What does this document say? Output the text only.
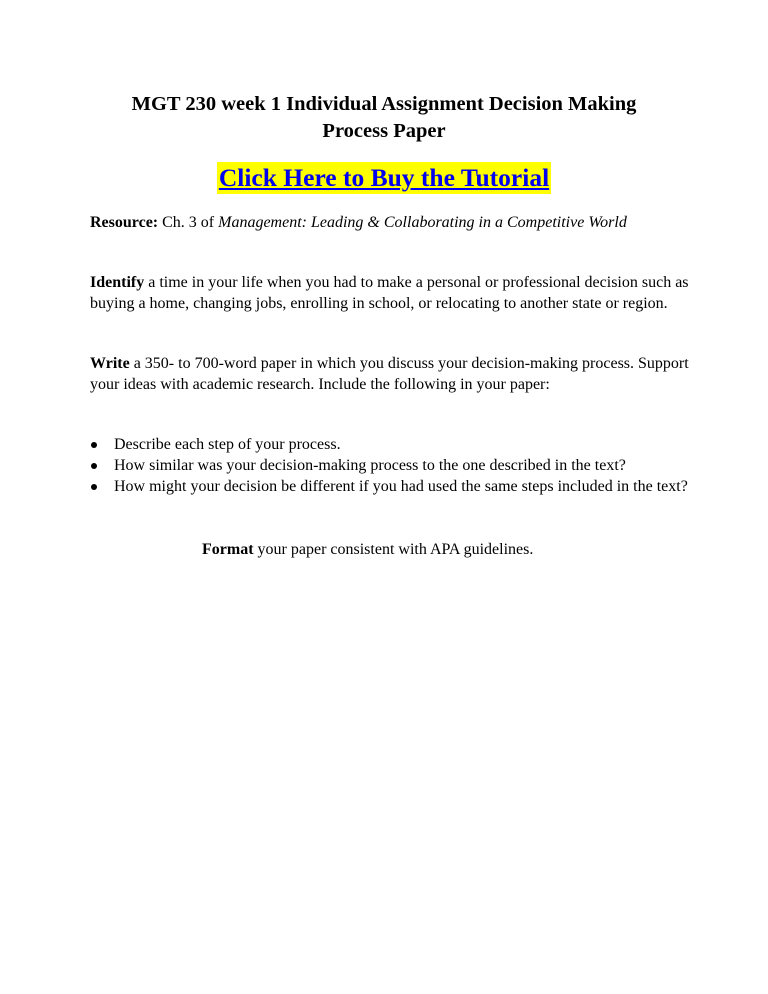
MGT 230 week 1 Individual Assignment Decision Making
Process Paper
Click Here to Buy the Tutorial
Resource: Ch. 3 of Management: Leading & Collaborating in a Competitive World
Identify a time in your life when you had to make a personal or professional decision such as buying a home, changing jobs, enrolling in school, or relocating to another state or region.
Write a 350- to 700-word paper in which you discuss your decision-making process. Support your ideas with academic research. Include the following in your paper:
Describe each step of your process.
How similar was your decision-making process to the one described in the text?
How might your decision be different if you had used the same steps included in the text?
Format your paper consistent with APA guidelines.
